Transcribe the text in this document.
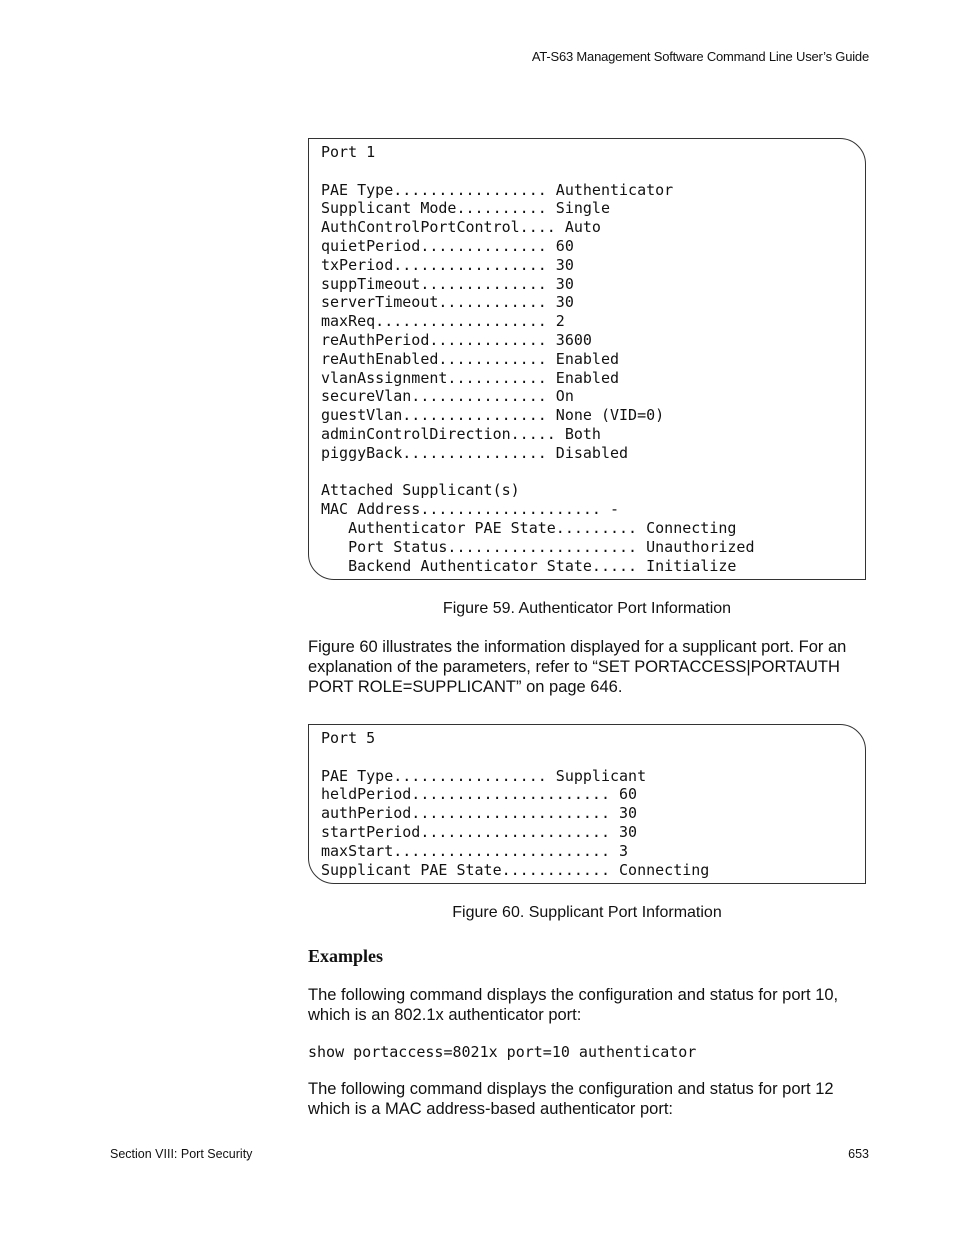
AT-S63 Management Software Command Line User’s Guide
Port 1
PAE Type................. Authenticator
Supplicant Mode.......... Single
AuthControlPortControl.... Auto
quietPeriod.............. 60
txPeriod................. 30
suppTimeout.............. 30
serverTimeout............ 30
maxReq................... 2
reAuthPeriod............. 3600
reAuthEnabled............ Enabled
vlanAssignment........... Enabled
secureVlan............... On
guestVlan................ None (VID=0)
adminControlDirection..... Both
piggyBack................ Disabled
Attached Supplicant(s)
MAC Address.................... -
Authenticator PAE State......... Connecting
Port Status..................... Unauthorized
Backend Authenticator State..... Initialize
Figure 59. Authenticator Port Information
Figure 60 illustrates the information displayed for a supplicant port. For an explanation of the parameters, refer to “SET PORTACCESS|PORTAUTH PORT ROLE=SUPPLICANT” on page 646.
Port 5
PAE Type................. Supplicant
heldPeriod...................... 60
authPeriod...................... 30
startPeriod..................... 30
maxStart........................ 3
Supplicant PAE State............ Connecting
Figure 60. Supplicant Port Information
Examples
The following command displays the configuration and status for port 10, which is an 802.1x authenticator port:
show portaccess=8021x port=10 authenticator
The following command displays the configuration and status for port 12 which is a MAC address-based authenticator port:
Section VIII: Port Security	653
